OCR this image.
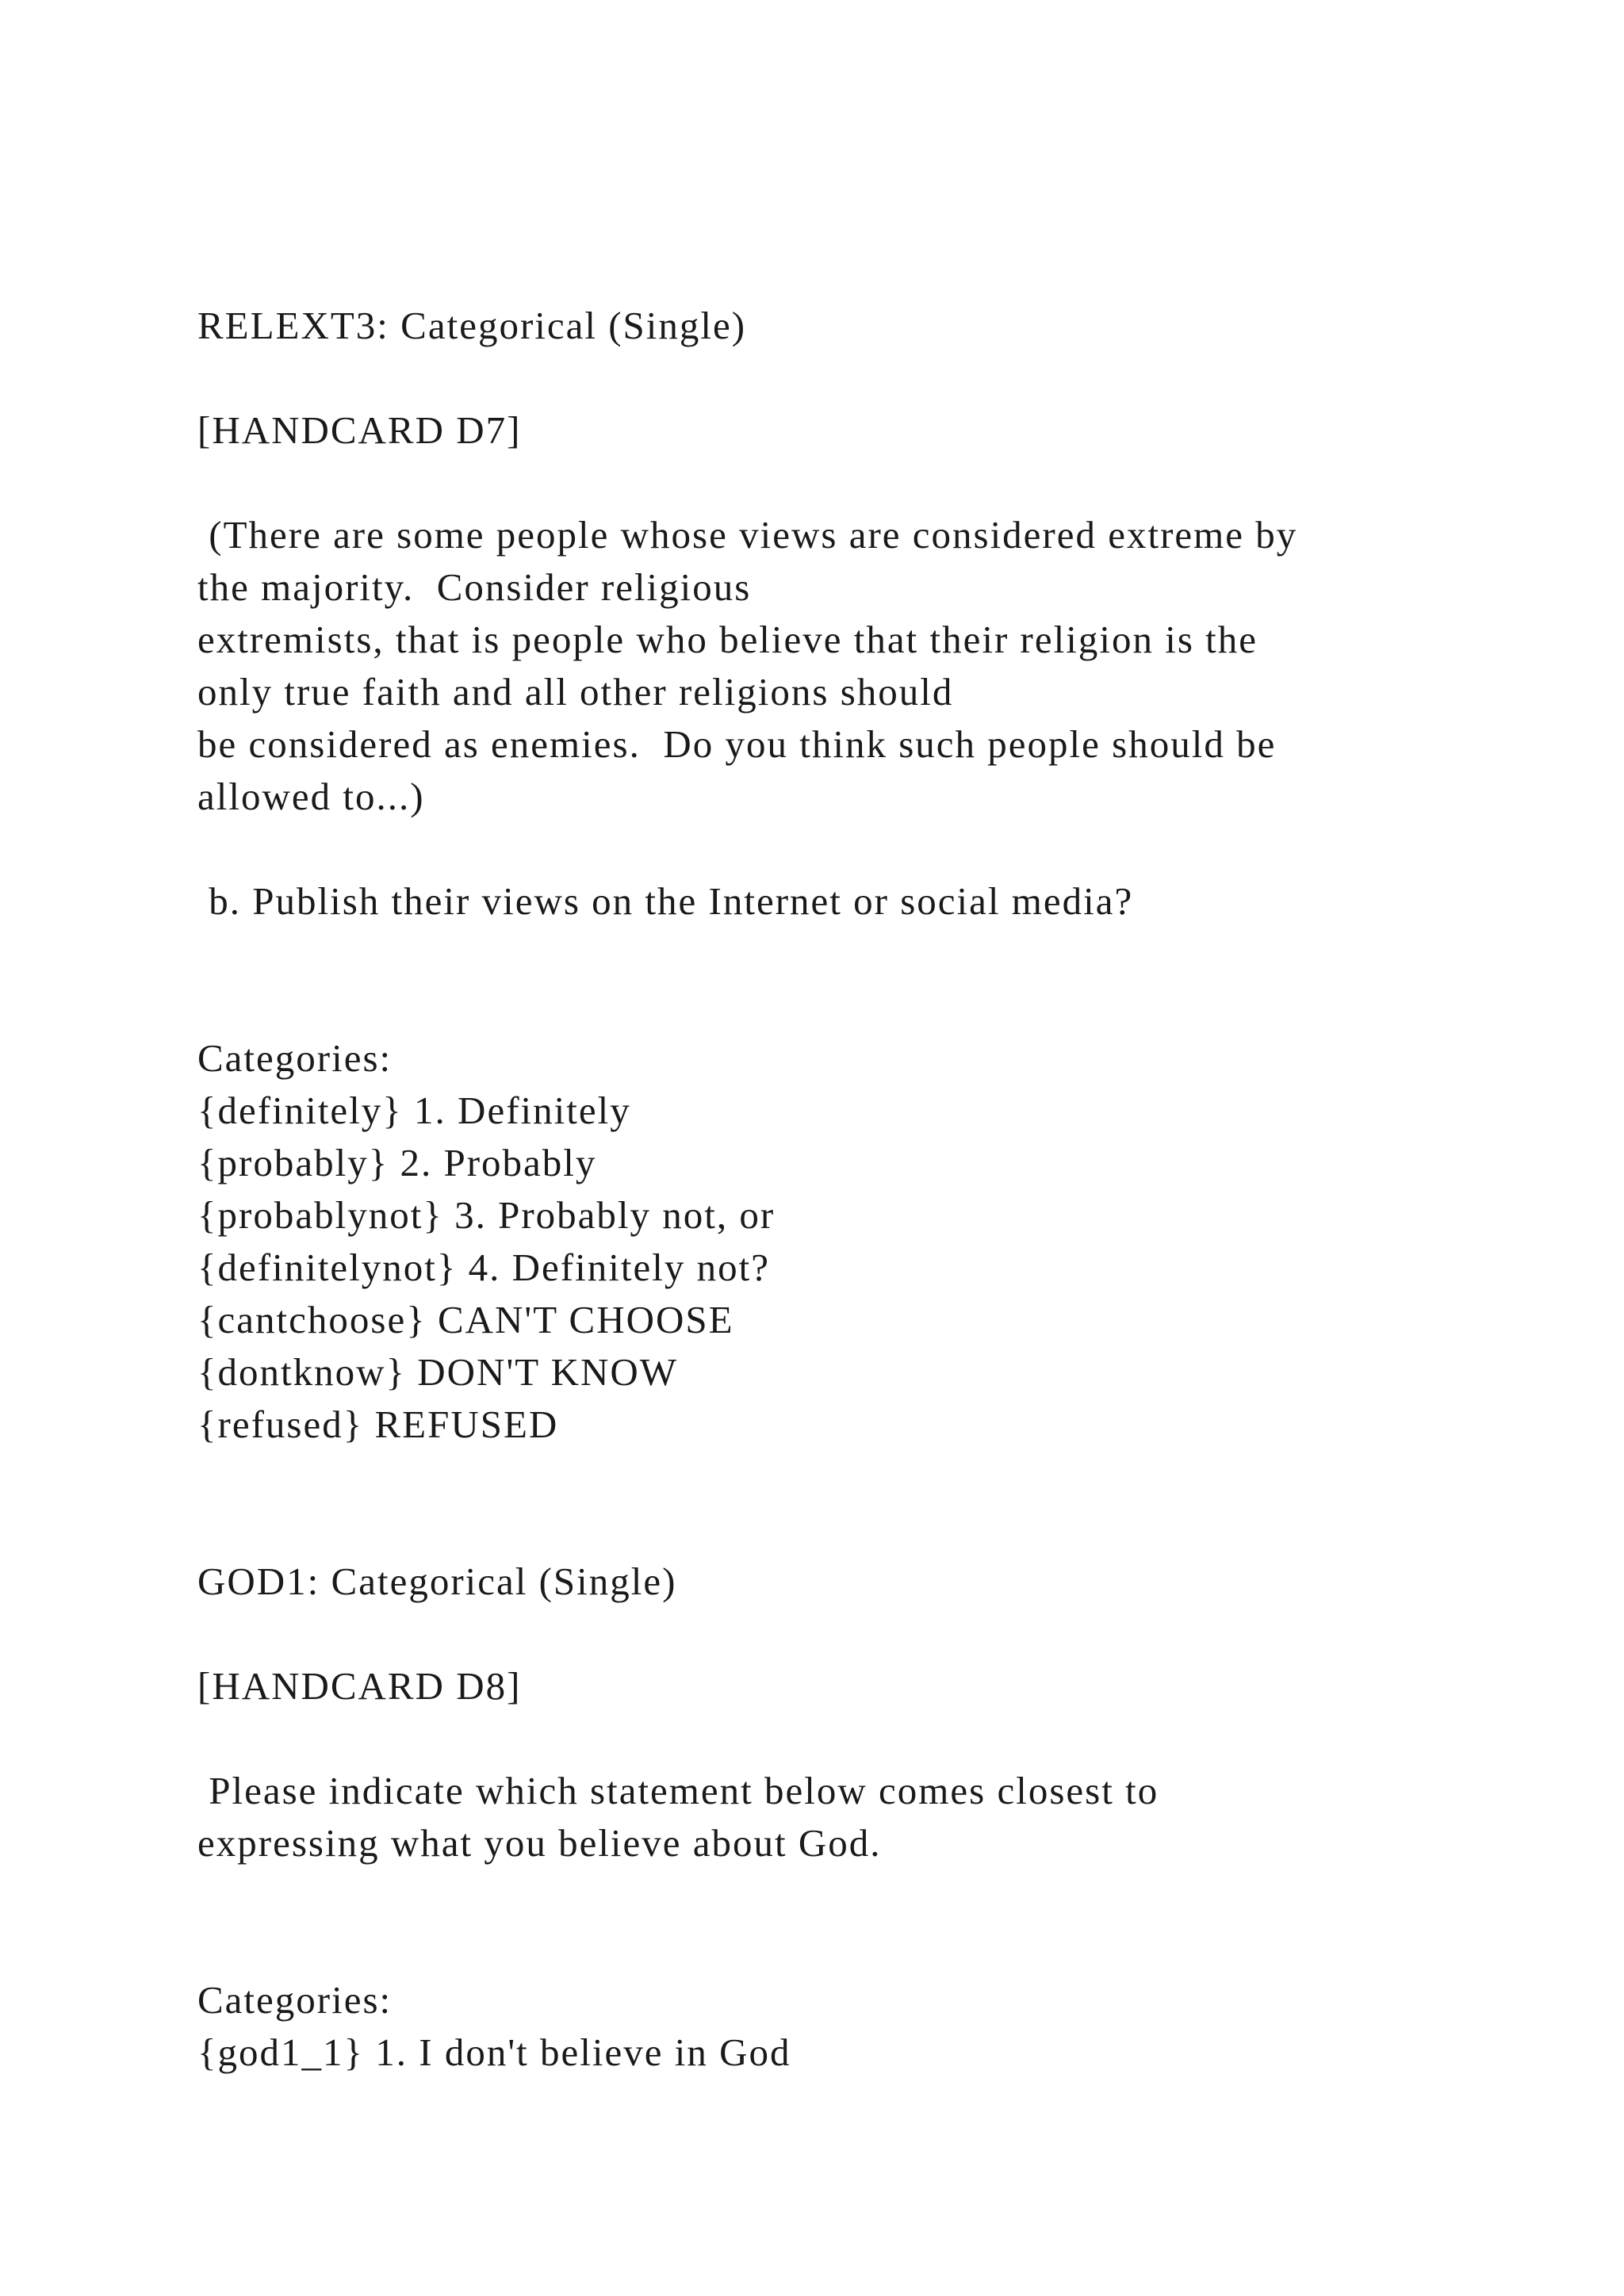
RELEXT3: Categorical (Single)

[HANDCARD D7]

(There are some people whose views are considered extreme by

the majority.  Consider religious

extremists, that is people who believe that their religion is the

only true faith and all other religions should

be considered as enemies.  Do you think such people should be

allowed to...)

b. Publish their views on the Internet or social media?

Categories:

{definitely} 1. Definitely

{probably} 2. Probably

{probablynot} 3. Probably not, or

{definitelynot} 4. Definitely not?

{cantchoose} CAN'T CHOOSE

{dontknow} DON'T KNOW

{refused} REFUSED

GOD1: Categorical (Single)

[HANDCARD D8]

Please indicate which statement below comes closest to

expressing what you believe about God.

Categories:

{god1_1} 1. I don't believe in God
